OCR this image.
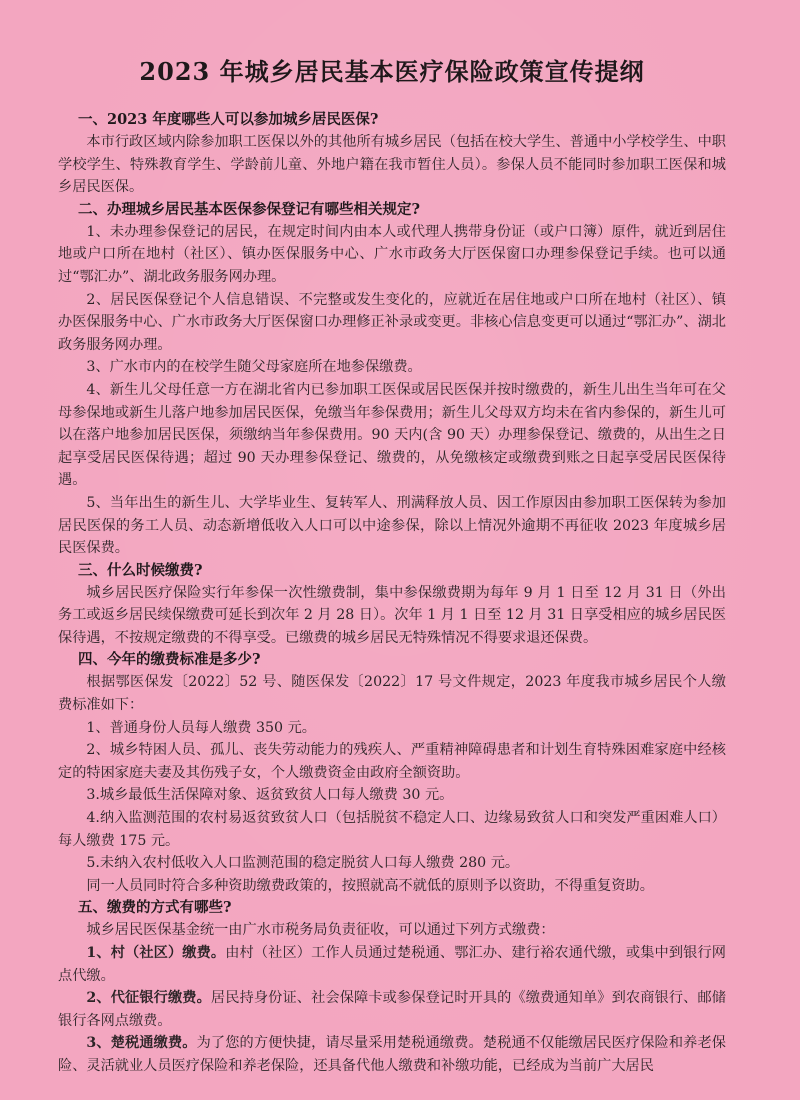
2023 年城乡居民基本医疗保险政策宣传提纲
一、2023 年度哪些人可以参加城乡居民医保?
本市行政区域内除参加职工医保以外的其他所有城乡居民（包括在校大学生、普通中小学校学生、中职学校学生、特殊教育学生、学龄前儿童、外地户籍在我市暂住人员）。参保人员不能同时参加职工医保和城乡居民医保。
二、办理城乡居民基本医保参保登记有哪些相关规定?
1、未办理参保登记的居民，在规定时间内由本人或代理人携带身份证（或户口簿）原件，就近到居住地或户口所在地村（社区）、镇办医保服务中心、广水市政务大厅医保窗口办理参保登记手续。也可以通过“鄂汇办”、湖北政务服务网办理。
2、居民医保登记个人信息错误、不完整或发生变化的，应就近在居住地或户口所在地村（社区）、镇办医保服务中心、广水市政务大厅医保窗口办理修正补录或变更。非核心信息变更可以通过“鄂汇办”、湖北政务服务网办理。
3、广水市内的在校学生随父母家庭所在地参保缴费。
4、新生儿父母任意一方在湖北省内已参加职工医保或居民医保并按时缴费的，新生儿出生当年可在父母参保地或新生儿落户地参加居民医保，免缴当年参保费用；新生儿父母双方均未在省内参保的，新生儿可以在落户地参加居民医保，须缴纳当年参保费用。90 天内(含 90 天）办理参保登记、缴费的，从出生之日起享受居民医保待遇；超过 90 天办理参保登记、缴费的，从免缴核定或缴费到账之日起享受居民医保待遇。
5、当年出生的新生儿、大学毕业生、复转军人、刑满释放人员、因工作原因由参加职工医保转为参加居民医保的务工人员、动态新增低收入人口可以中途参保，除以上情况外逾期不再征收 2023 年度城乡居民医保费。
三、什么时候缴费?
城乡居民医疗保险实行年参保一次性缴费制，集中参保缴费期为每年 9 月 1 日至 12 月 31 日（外出务工或返乡居民续保缴费可延长到次年 2 月 28 日）。次年 1 月 1 日至 12 月 31 日享受相应的城乡居民医保待遇，不按规定缴费的不得享受。已缴费的城乡居民无特殊情况不得要求退还保费。
四、今年的缴费标准是多少?
根据鄂医保发〔2022〕52 号、随医保发〔2022〕17 号文件规定，2023 年度我市城乡居民个人缴费标准如下：
1、普通身份人员每人缴费 350 元。
2、城乡特困人员、孤儿、丧失劳动能力的残疾人、严重精神障碍患者和计划生育特殊困难家庭中经核定的特困家庭夫妻及其伤残子女，个人缴费资金由政府全额资助。
3.城乡最低生活保障对象、返贫致贫人口每人缴费 30 元。
4.纳入监测范围的农村易返贫致贫人口（包括脱贫不稳定人口、边缘易致贫人口和突发严重困难人口）每人缴费 175 元。
5.未纳入农村低收入人口监测范围的稳定脱贫人口每人缴费 280 元。
同一人员同时符合多种资助缴费政策的，按照就高不就低的原则予以资助，不得重复资助。
五、缴费的方式有哪些?
城乡居民医保基金统一由广水市税务局负责征收，可以通过下列方式缴费：
1、村（社区）缴费。由村（社区）工作人员通过楚税通、鄂汇办、建行裕农通代缴，或集中到银行网点代缴。
2、代征银行缴费。居民持身份证、社会保障卡或参保登记时开具的《缴费通知单》到农商银行、邮储银行各网点缴费。
3、楚税通缴费。为了您的方便快捷，请尽量采用楚税通缴费。楚税通不仅能缴居民医疗保险和养老保险、灵活就业人员医疗保险和养老保险，还具备代他人缴费和补缴功能，已经成为当前广大居民
